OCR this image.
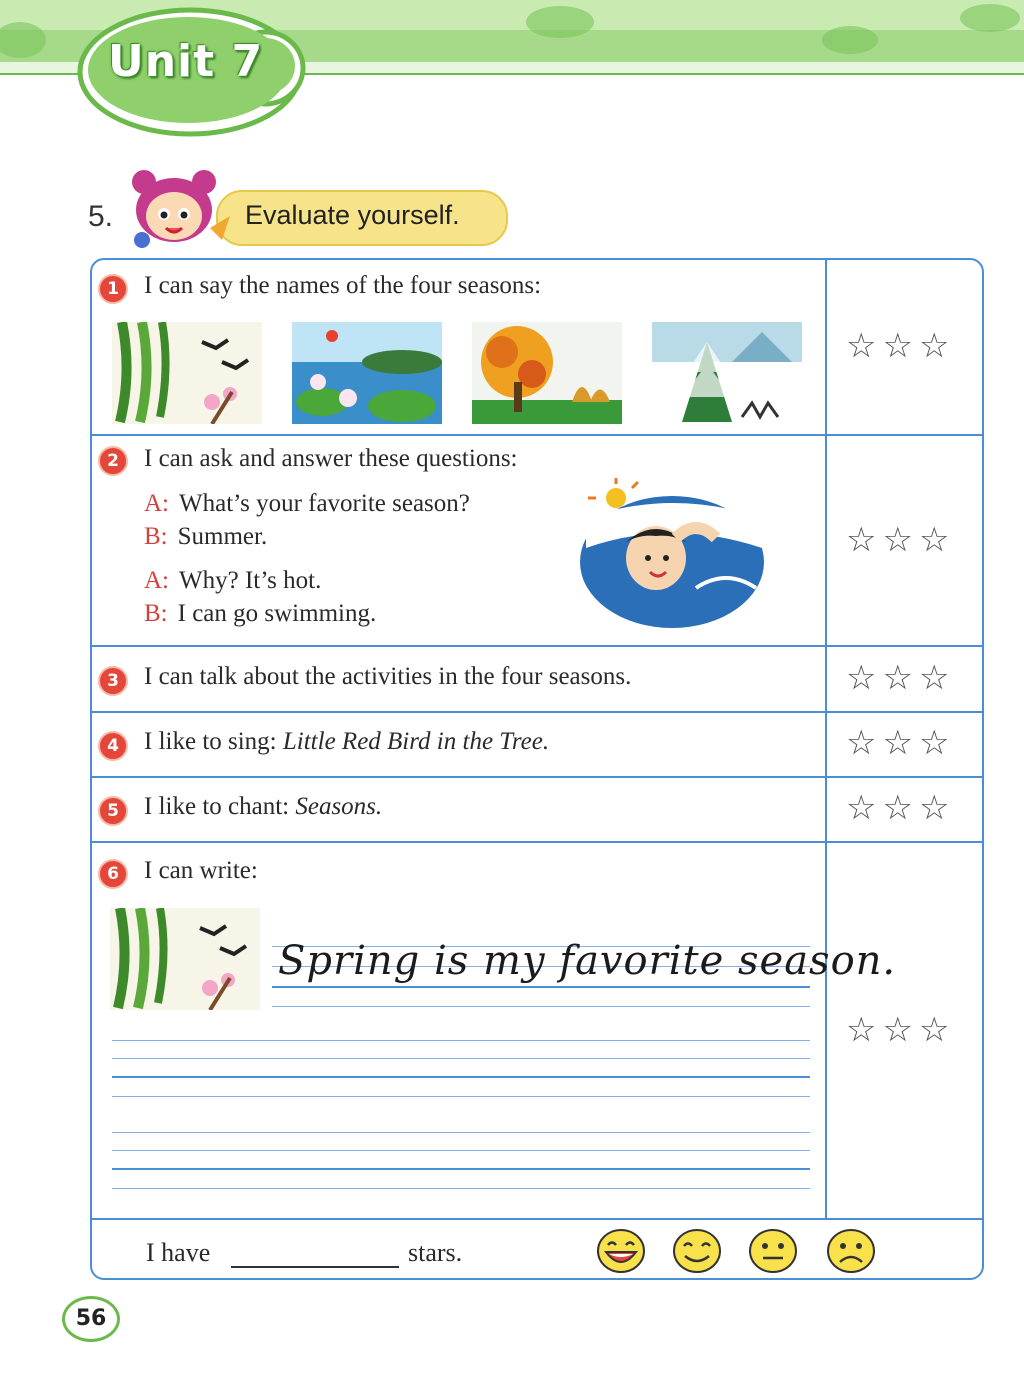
Unit 7
5.	Evaluate yourself.
1	I can say the names of the four seasons:
☆☆☆
2	I can ask and answer these questions:
A: What’s your favorite season?
B: Summer.
A: Why? It’s hot.
B: I can go swimming.
☆☆☆
3	I can talk about the activities in the four seasons.	☆☆☆
4	I like to sing: Little Red Bird in the Tree.	☆☆☆
5	I like to chant: Seasons.	☆☆☆
6	I can write:
Spring is my favorite season.
☆☆☆
I have	stars.
56
